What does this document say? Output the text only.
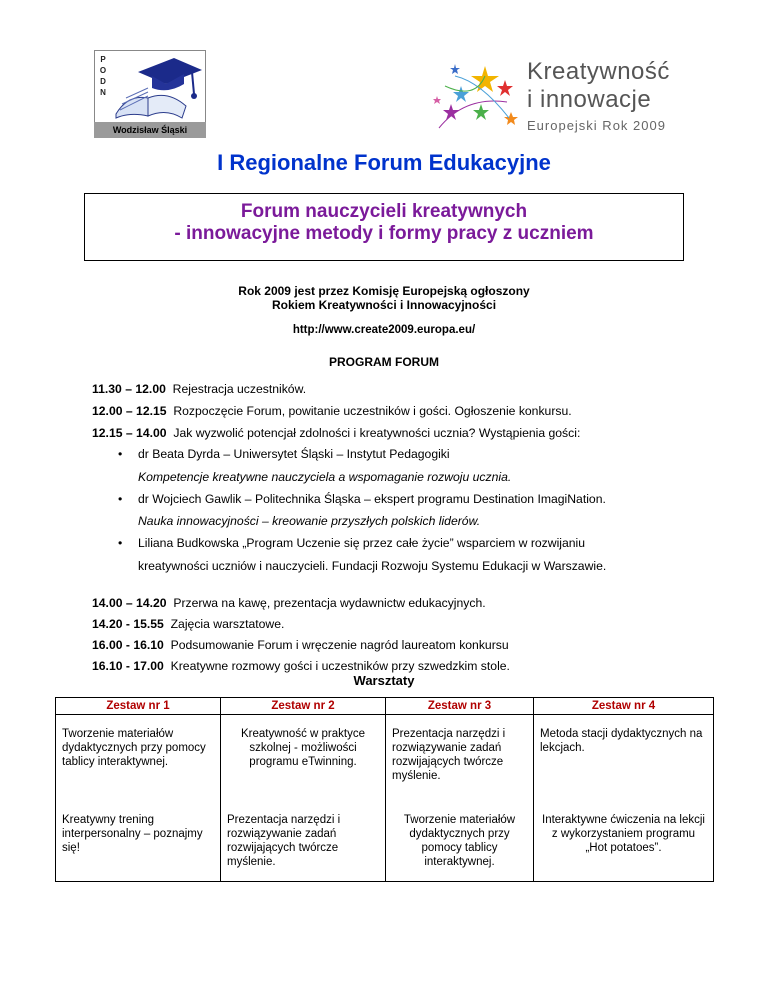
P
O
D
N
Wodzisław Śląski
Kreatywność
i innowacje
Europejski Rok 2009
I Regionalne Forum Edukacyjne
Forum nauczycieli kreatywnych
- innowacyjne metody i formy pracy z uczniem
Rok 2009 jest przez Komisję Europejską ogłoszony
Rokiem Kreatywności i Innowacyjności
http://www.create2009.europa.eu/
PROGRAM FORUM
11.30 – 12.00 Rejestracja uczestników.
12.00 – 12.15 Rozpoczęcie Forum, powitanie uczestników i gości. Ogłoszenie konkursu.
12.15 – 14.00 Jak wyzwolić potencjał zdolności i kreatywności ucznia? Wystąpienia gości:
• dr Beata Dyrda – Uniwersytet Śląski – Instytut Pedagogiki
Kompetencje kreatywne nauczyciela a wspomaganie rozwoju ucznia.
• dr Wojciech Gawlik – Politechnika Śląska – ekspert programu Destination ImagiNation.
Nauka innowacyjności – kreowanie przyszłych polskich liderów.
• Liliana Budkowska „Program Uczenie się przez całe życie” wsparciem w rozwijaniu
kreatywności uczniów i nauczycieli. Fundacji Rozwoju Systemu Edukacji w Warszawie.
14.00 – 14.20 Przerwa na kawę, prezentacja wydawnictw edukacyjnych.
14.20 - 15.55 Zajęcia warsztatowe.
16.00 - 16.10 Podsumowanie Forum i wręczenie nagród laureatom konkursu
16.10 - 17.00 Kreatywne rozmowy gości i uczestników przy szwedzkim stole.
Warsztaty
Zestaw nr 1	Zestaw nr 2	Zestaw nr 3	Zestaw nr 4
Tworzenie materiałów dydaktycznych przy pomocy tablicy interaktywnej.	Kreatywność w praktyce szkolnej - możliwości programu eTwinning.	Prezentacja narzędzi i rozwiązywanie zadań rozwijających twórcze myślenie.	Metoda stacji dydaktycznych na lekcjach.
Kreatywny trening interpersonalny – poznajmy się!	Prezentacja narzędzi i rozwiązywanie zadań rozwijających twórcze myślenie.	Tworzenie materiałów dydaktycznych przy pomocy tablicy interaktywnej.	Interaktywne ćwiczenia na lekcji z wykorzystaniem programu „Hot potatoes”.
